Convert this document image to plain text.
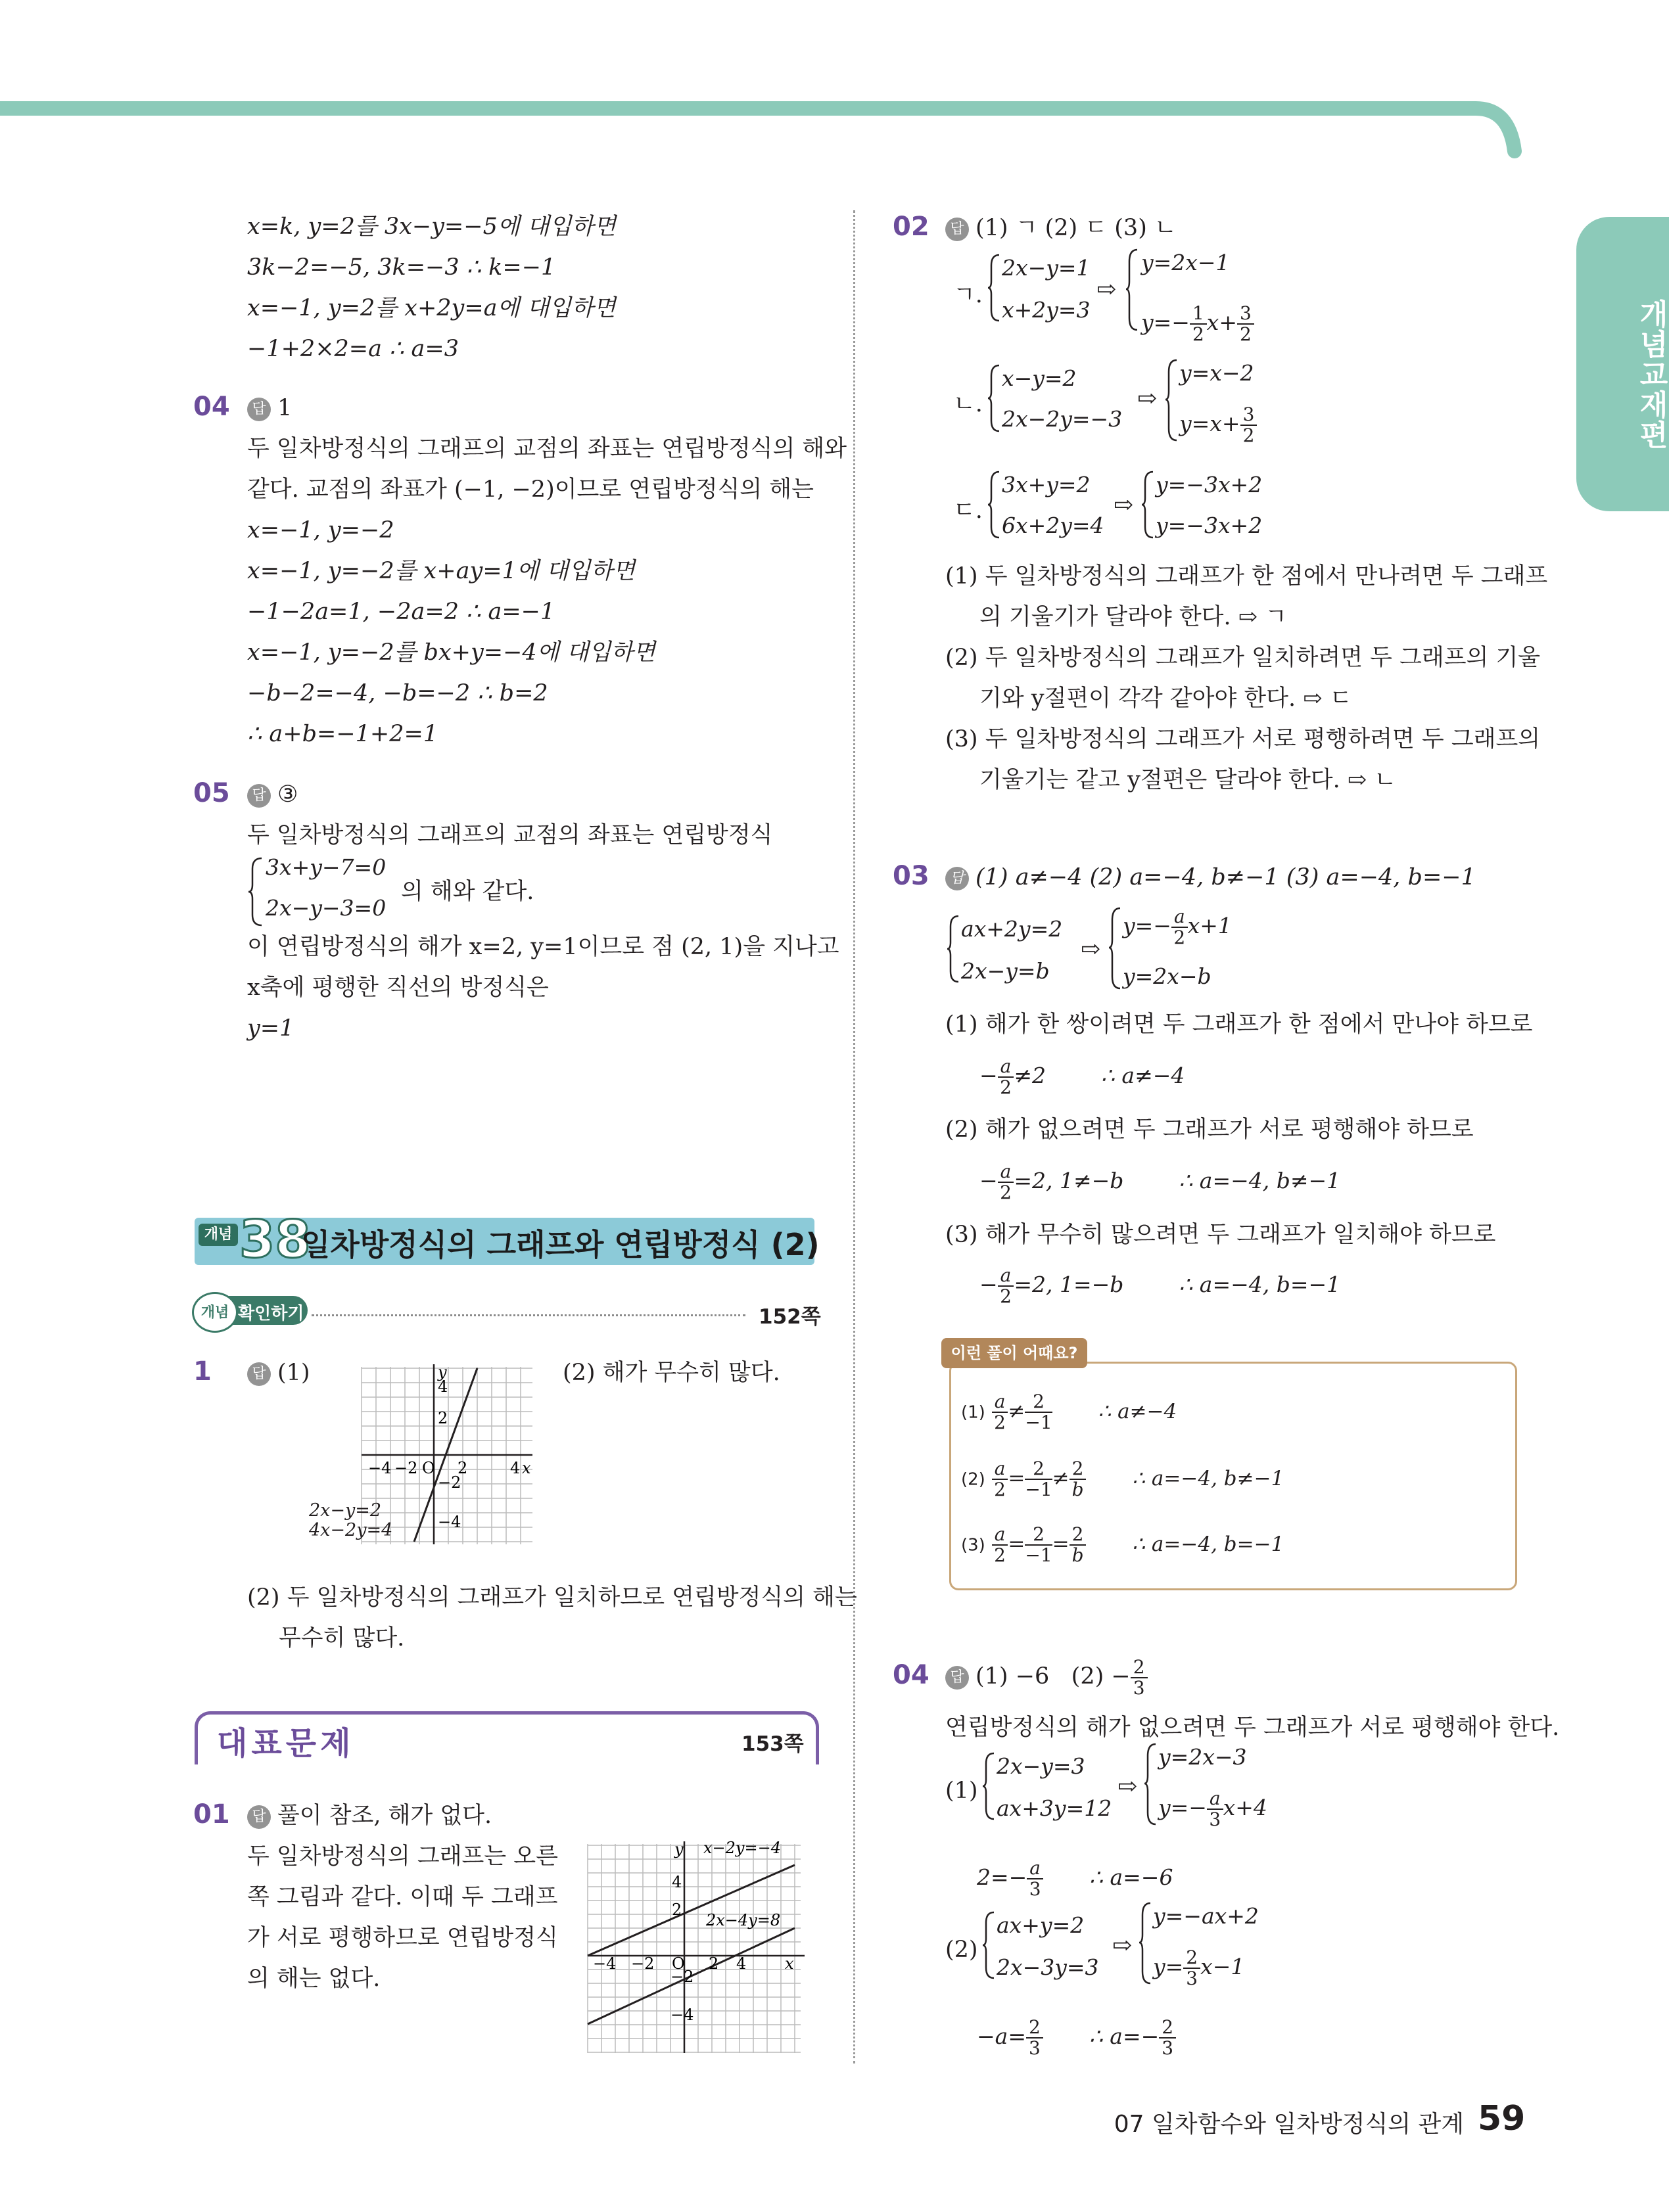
개념교재편
x=k, y=2를 3x−y=−5에 대입하면
3k−2=−5, 3k=−3 ∴ k=−1
x=−1, y=2를 x+2y=a에 대입하면
−1+2×2=a ∴ a=3
04	답 1
두 일차방정식의 그래프의 교점의 좌표는 연립방정식의 해와
같다. 교점의 좌표가 (−1, −2)이므로 연립방정식의 해는
x=−1, y=−2
x=−1, y=−2를 x+ay=1에 대입하면
−1−2a=1, −2a=2 ∴ a=−1
x=−1, y=−2를 bx+y=−4에 대입하면
−b−2=−4, −b=−2 ∴ b=2
∴ a+b=−1+2=1
05	답 ③
두 일차방정식의 그래프의 교점의 좌표는 연립방정식
3x+y−7=0
2x−y−3=0
의 해와 같다.
이 연립방정식의 해가 x=2, y=1이므로 점 (2, 1)을 지나고
x축에 평행한 직선의 방정식은
y=1
개념 38
일차방정식의 그래프와 연립방정식 (2)
개념 확인하기	152쪽
1	답 (1)	(2) 해가 무수히 많다.
y
4
2
O 2	4 x
−4 −2
−2
−4
2x−y=2
4x−2y=4
(2) 두 일차방정식의 그래프가 일치하므로 연립방정식의 해는
무수히 많다.
대표문제	153쪽
01	답 풀이 참조, 해가 없다.
두 일차방정식의 그래프는 오른
쪽 그림과 같다. 이때 두 그래프
가 서로 평행하므로 연립방정식
의 해는 없다.
y x−2y=−4
4
2
2x−4y=8
O 2 4 x
−4 −2
−2
−4
02	답 (1) ㄱ (2) ㄷ (3) ㄴ
ㄱ.
2x−y=1
x+2y=3
⇨
y=2x−1
$y=- \frac{1}{2} x+ \frac{3}{2}$
ㄴ.
x−y=2
2x−2y=−3
⇨
y=x−2
$y=x+ \frac{3}{2}$
ㄷ.
3x+y=2
6x+2y=4
⇨
y=−3x+2
y=−3x+2
(1) 두 일차방정식의 그래프가 한 점에서 만나려면 두 그래프
의 기울기가 달라야 한다. ⇨ ㄱ
(2) 두 일차방정식의 그래프가 일치하려면 두 그래프의 기울
기와 y절편이 각각 같아야 한다. ⇨ ㄷ
(3) 두 일차방정식의 그래프가 서로 평행하려면 두 그래프의
기울기는 같고 y절편은 달라야 한다. ⇨ ㄴ
03	답 (1) a≠−4 (2) a=−4, b≠−1 (3) a=−4, b=−1
ax+2y=2
2x−y=b
⇨
$y=- \frac{a}{2} x+1$
y=2x−b
(1) 해가 한 쌍이려면 두 그래프가 한 점에서 만나야 하므로
− $\frac{a}{2} \ne 2$        ∴ a≠−4
(2) 해가 없으려면 두 그래프가 서로 평행해야 하므로
− $\frac{a}{2} =2$, 1≠−b        ∴ a=−4, b≠−1
(3) 해가 무수히 많으려면 두 그래프가 일치해야 하므로
− $\frac{a}{2} =2$, 1=−b        ∴ a=−4, b=−1
이런 풀이 어때요?
$(1) \frac{a}{2} \ne \frac{2}{-1}$ ∴ a≠−4
$(2) \frac{a}{2} = \frac{2}{-1} \ne \frac{2}{b}$ ∴ a=−4, b≠−1
$(3) \frac{a}{2} = \frac{2}{-1} = \frac{2}{b}$ ∴ a=−4, b=−1
04	답 (1) −6   $(2) - \frac{2}{3}$
연립방정식의 해가 없으려면 두 그래프가 서로 평행해야 한다.
(1)
2x−y=3
ax+3y=12
⇨
y=2x−3
$y=- \frac{a}{3} x+4$
$2=- \frac{a}{3}$ ∴ a=−6
(2)
ax+y=2
2x−3y=3
⇨
y=−ax+2
$y= \frac{2}{3} x-1$
$-a= \frac{2}{3}$ ∴ $a=- \frac{2}{3}$
07 일차함수와 일차방정식의 관계 59
